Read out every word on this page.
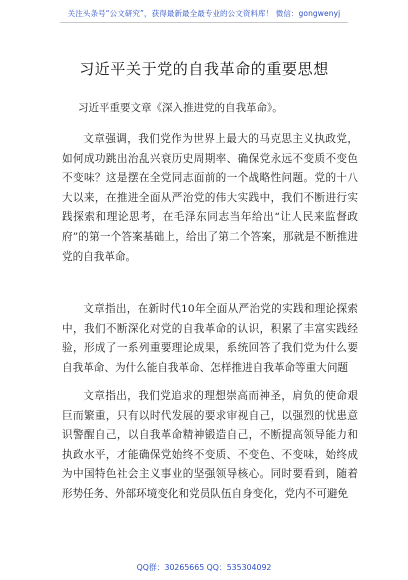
关注头条号“公文研究”，获得最新最全最专业的公文资料库！ 微信：gongwenyj
习近平关于党的自我革命的重要思想
习近平重要文章《深入推进党的自我革命》。

文章强调，我们党作为世界上最大的马克思主义执政党，如何成功跳出治乱兴衰历史周期率、确保党永远不变质不变色不变味？这是摆在全党同志面前的一个战略性问题。党的十八大以来，在推进全面从严治党的伟大实践中，我们不断进行实践探索和理论思考，在毛泽东同志当年给出“让人民来监督政府”的第一个答案基础上，给出了第二个答案，那就是不断推进党的自我革命。

文章指出，在新时代10年全面从严治党的实践和理论探索中，我们不断深化对党的自我革命的认识，积累了丰富实践经验，形成了一系列重要理论成果，系统回答了我们党为什么要自我革命、为什么能自我革命、怎样推进自我革命等重大问题

文章指出，我们党追求的理想崇高而神圣，肩负的使命艰巨而繁重，只有以时代发展的要求审视自己，以强烈的忧患意识警醒自己，以自我革命精神锻造自己，不断提高领导能力和执政水平，才能确保党始终不变质、不变色、不变味，始终成为中国特色社会主义事业的坚强领导核心。同时要看到，随着形势任务、外部环境变化和党员队伍自身变化，党内不可避免

QQ群：30265665 QQ：535304092
